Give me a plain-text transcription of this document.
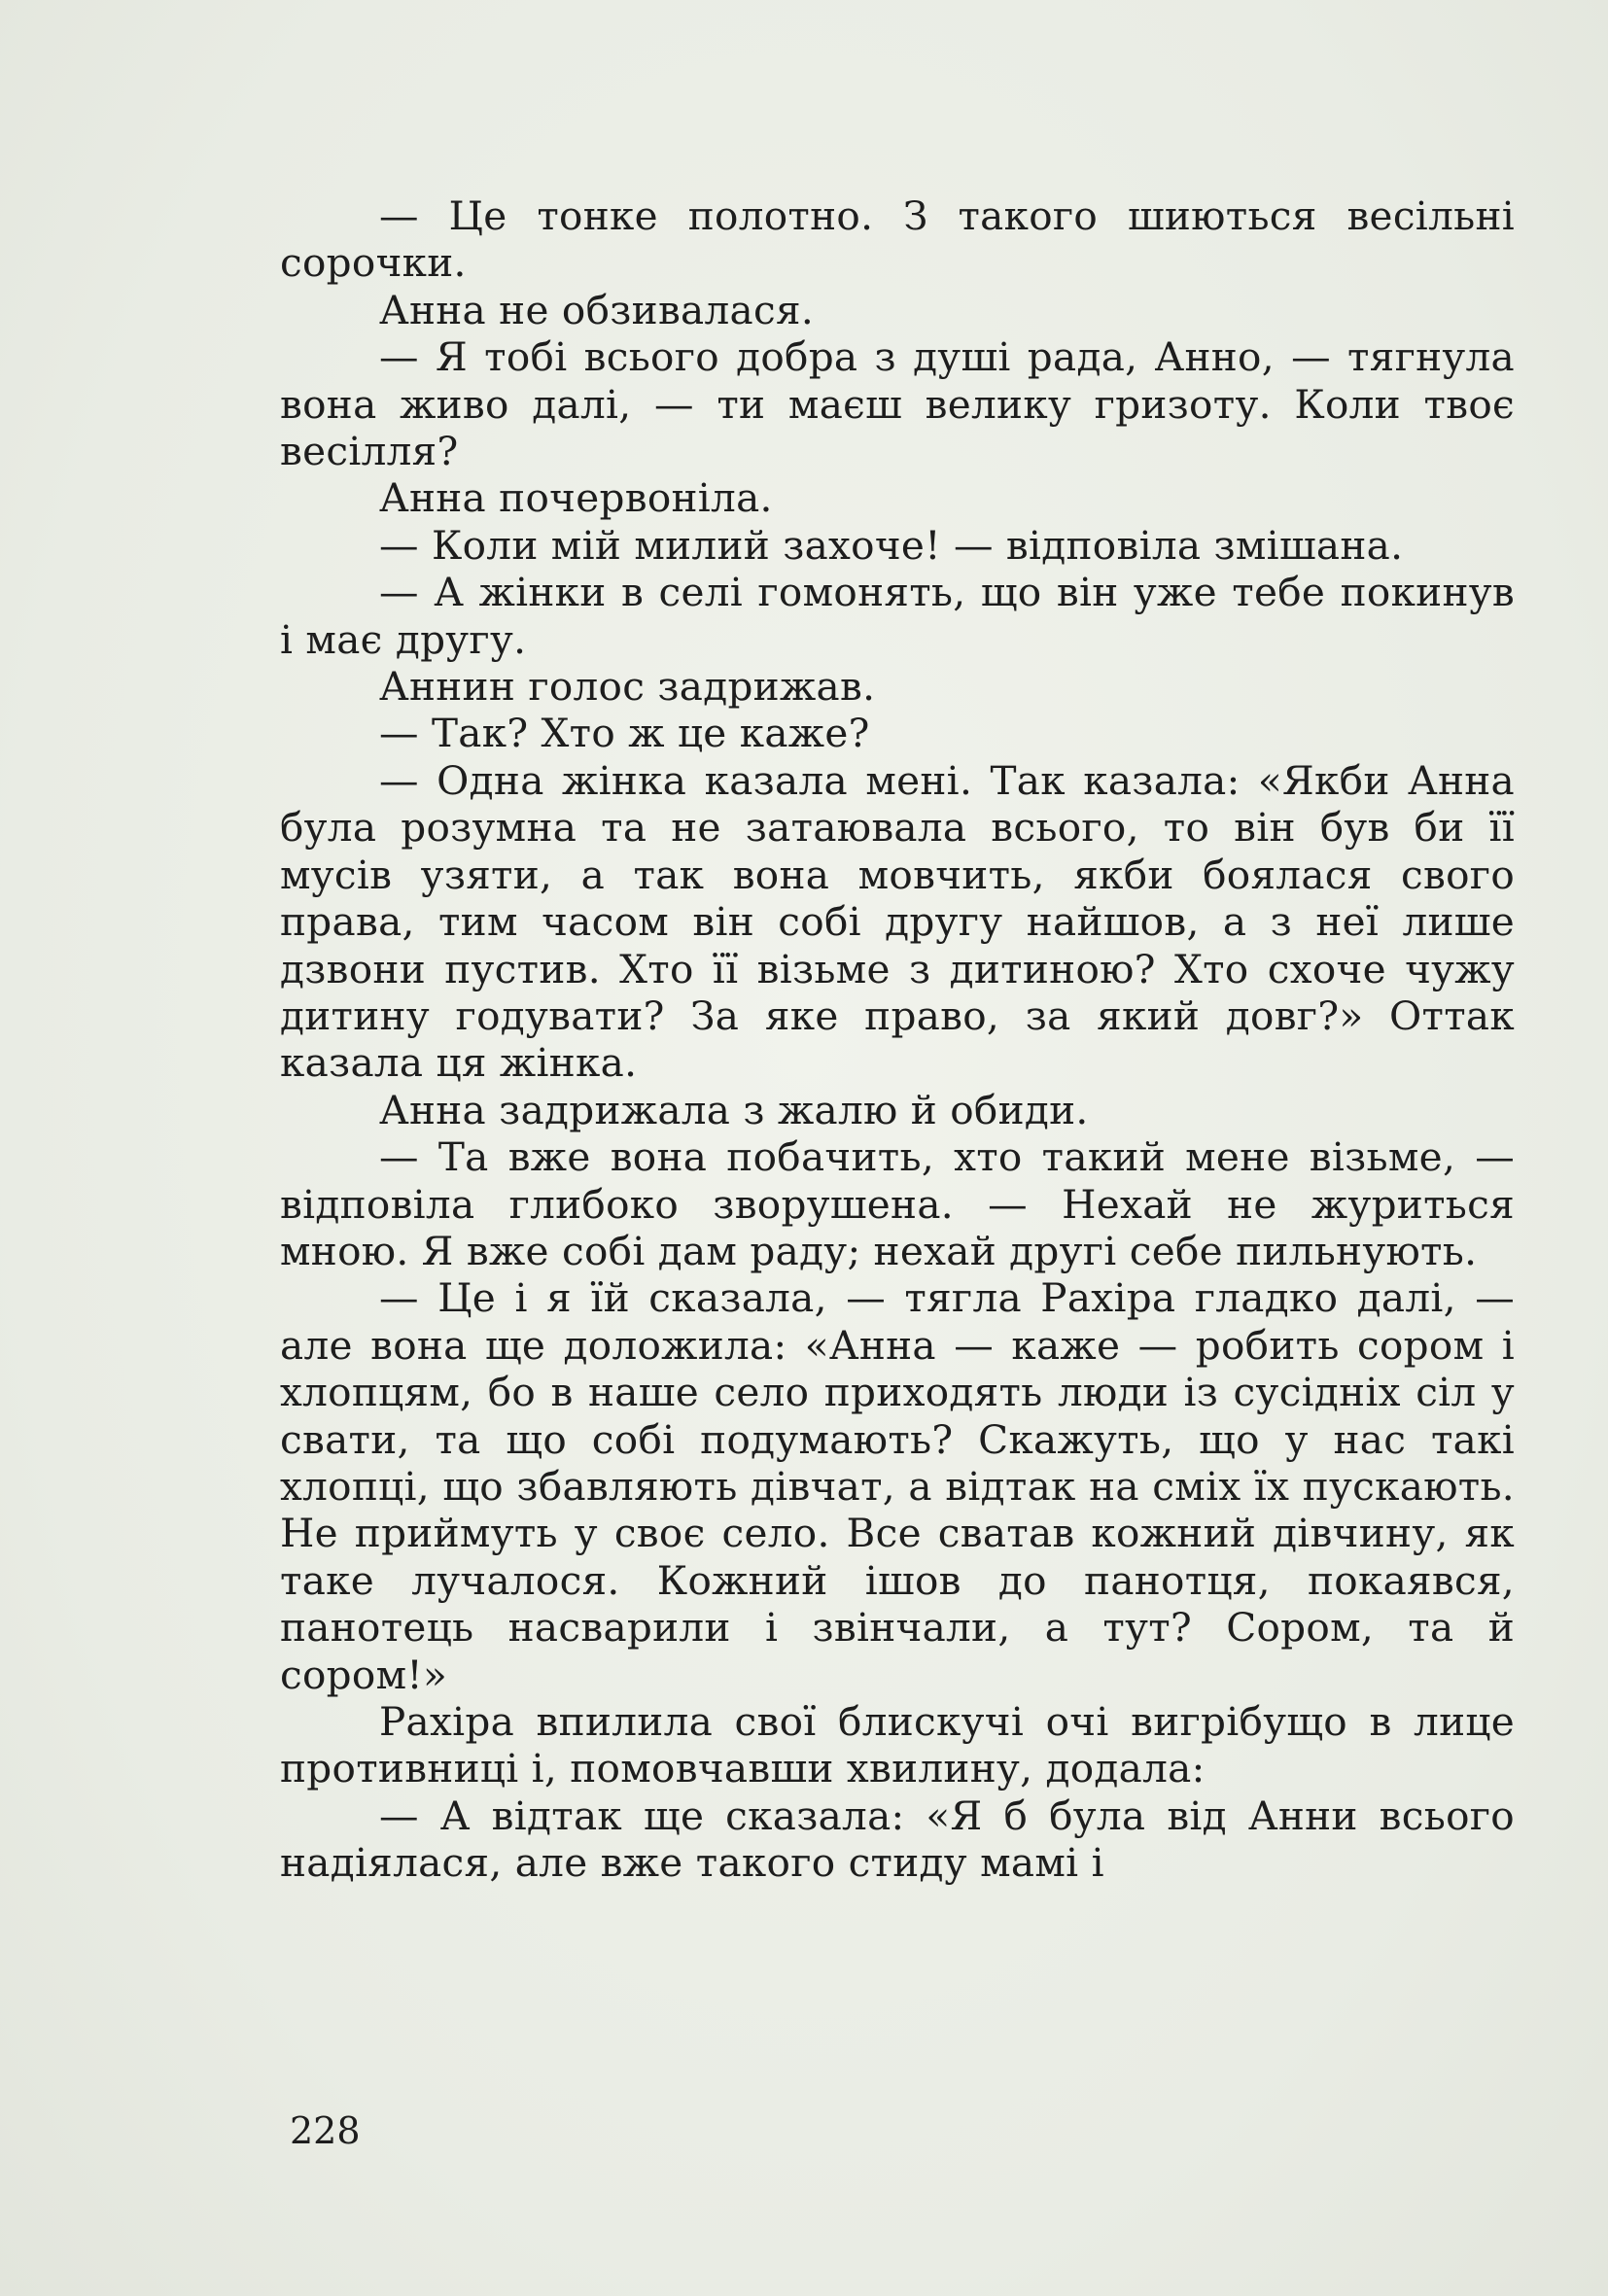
— Це тонке полотно. З такого шиються весільні сорочки.

Анна не обзивалася.

— Я тобі всього добра з душі рада, Анно, — тягнула вона живо далі, — ти маєш велику гризоту. Коли твоє весілля?

Анна почервоніла.

— Коли мій милий захоче! — відповіла змішана.

— А жінки в селі гомонять, що він уже тебе покинув і має другу.

Аннин голос задрижав.

— Так? Хто ж це каже?

— Одна жінка казала мені. Так казала: «Якби Анна була розумна та не затаювала всього, то він був би її мусів узяти, а так вона мовчить, якби боялася свого права, тим часом він собі другу найшов, а з неї лише дзвони пустив. Хто її візьме з дитиною? Хто схоче чужу дитину годувати? За яке право, за який довг?» Оттак казала ця жінка.

Анна задрижала з жалю й обиди.

— Та вже вона побачить, хто такий мене візьме, — відповіла глибоко зворушена. — Нехай не журиться мною. Я вже собі дам раду; нехай другі себе пильнують.

— Це і я їй сказала, — тягла Рахіра гладко далі, — але вона ще доложила: «Анна — каже — робить сором і хлопцям, бо в наше село приходять люди із сусідніх сіл у свати, та що собі подумають? Скажуть, що у нас такі хлопці, що збавляють дівчат, а відтак на сміх їх пускають. Не приймуть у своє село. Все сватав кожний дівчину, як таке лучалося. Кожний ішов до панотця, покаявся, панотець насварили і звінчали, а тут? Сором, та й сором!»

Рахіра впилила свої блискучі очі вигрібущо в лице противниці і, помовчавши хвилину, додала:

— А відтак ще сказала: «Я б була від Анни всього надіялася, але вже такого стиду мамі і

228
